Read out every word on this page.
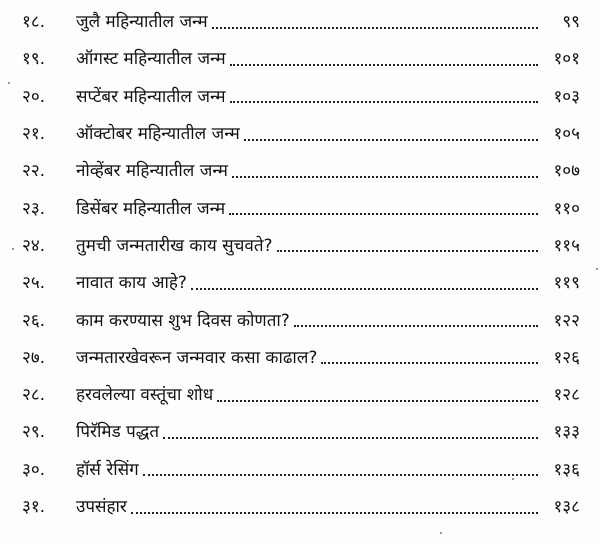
१८.	जुलै महिन्यातील जन्म	९९
१९.	ऑगस्ट महिन्यातील जन्म	१०१
२०.	सप्टेंबर महिन्यातील जन्म	१०३
२१.	ऑक्टोबर महिन्यातील जन्म	१०५
२२.	नोव्हेंबर महिन्यातील जन्म	१०७
२३.	डिसेंबर महिन्यातील जन्म	११०
२४.	तुमची जन्मतारीख काय सुचवते?	११५
२५.	नावात काय आहे?	११९
२६.	काम करण्यास शुभ दिवस कोणता?	१२२
२७.	जन्मतारखेवरून जन्मवार कसा काढाल?	१२६
२८.	हरवलेल्या वस्तूंचा शोध	१२८
२९.	पिरॅमिड पद्धत	१३३
३०.	हॉर्स रेसिंग	१३६
३१.	उपसंहार	१३८
